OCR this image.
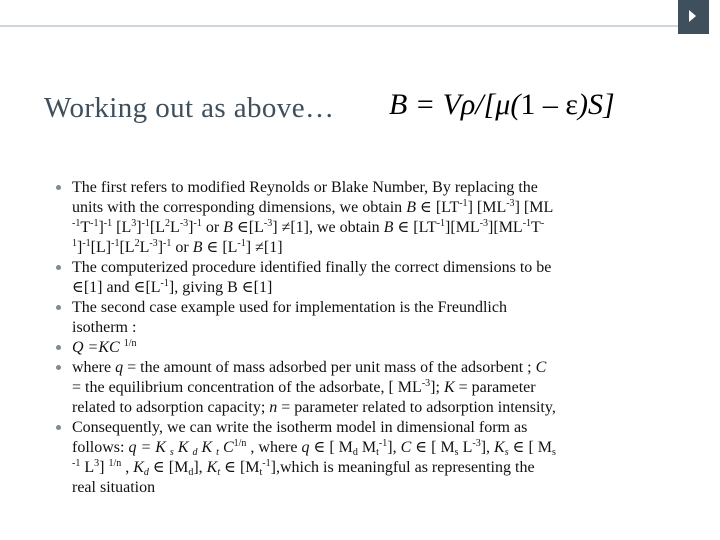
Working out as above… B = Vρ/[μ(1 – ε)S]
The first refers to modified Reynolds or Blake Number, By replacing the
units with the corresponding dimensions, we obtain B ∈ $[LT^{-1}]$ $[ML^{-3}]$ [ML
$^{-1}T^{-1}]^{-1}$ $[L^3]^{-1}[L^2L^{-3}]^{-1}$ or B $\in[L^{-3}] \ne[1]$, we obtain B ∈ $[LT^{-1}][ML^{-3}][ML^{-1}T^-$
$^1]^{-1}[L]^{-1}[L^2L^{-3}]^{-1}$ or B ∈ $[L^{-1}] \ne[1]$
The computerized procedure identified finally the correct dimensions to be
∈[1] and $\in[L^{-1}]$, giving B ∈[1]
The second case example used for implementation is the Freundlich
isotherm :
Q =KC $^{1/n}$
where q = the amount of mass adsorbed per unit mass of the adsorbent ; C
= the equilibrium concentration of the adsorbate, [ $ML^{-3}$]; K = parameter
related to adsorption capacity; n = parameter related to adsorption intensity,
Consequently, we can write the isotherm model in dimensional form as
follows: q = K $_s$ K $_d$ K $_t$ $C^{1/n}$ , where q ∈ [ $M_d$ $M_t^{-1}$], C ∈ [ $M_s$ $L^{-3}$], $K_s$ ∈ [ $M_s$
$^{-1}$ $L^3$] $^{1/n}$ , $K_d$ ∈ $[M_d]$, $K_t$ ∈ $[M_t^{-1}],which$ is meaningful as representing the
real situation
